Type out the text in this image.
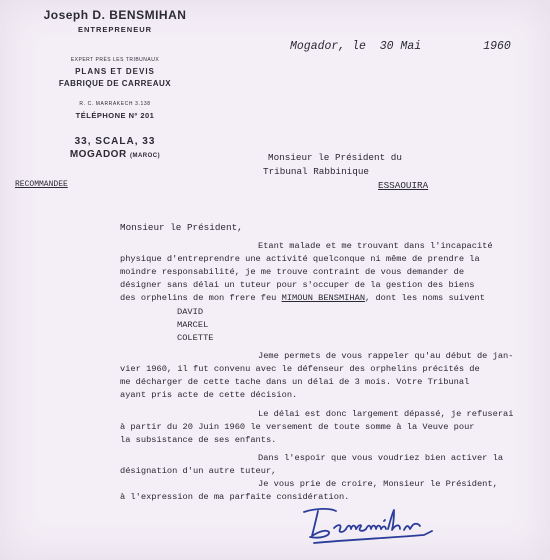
Joseph D. BENSMIHAN
ENTREPRENEUR
EXPERT PRÈS LES TRIBUNAUX
PLANS ET DEVIS
FABRIQUE DE CARREAUX
R. C. MARRAKECH 3.138
TÉLÉPHONE Nº 201
33, SCALA, 33
MOGADOR (MAROC)
Mogador, le  30 Mai         1960
Monsieur le Président du
Tribunal Rabbinique
ESSAOUIRA
RECOMMANDEE
Monsieur le Président,
Etant malade et me trouvant dans l'incapacité
physique d'entreprendre une activité quelconque ni même de prendre la
moindre responsabilité, je me trouve contraint de vous demander de
désigner sans délai un tuteur pour s'occuper de la gestion des biens
des orphelins de mon frere feu MIMOUN BENSMIHAN, dont les noms suivent
DAVID
MARCEL
COLETTE
Jeme permets de vous rappeler qu'au début de jan-
vier 1960, il fut convenu avec le défenseur des orphelins précités de
me décharger de cette tache dans un délai de 3 mois. Votre Tribunal
ayant pris acte de cette décision.
Le délai est donc largement dépassé, je refuserai
à partir du 20 Juin 1960 le versement de toute somme à la Veuve pour
la subsistance de ses enfants.
Dans l'espoir que vous voudriez bien activer la
désignation d'un autre tuteur,
Je vous prie de croire, Monsieur le Président,
à l'expression de ma parfaite considération.
